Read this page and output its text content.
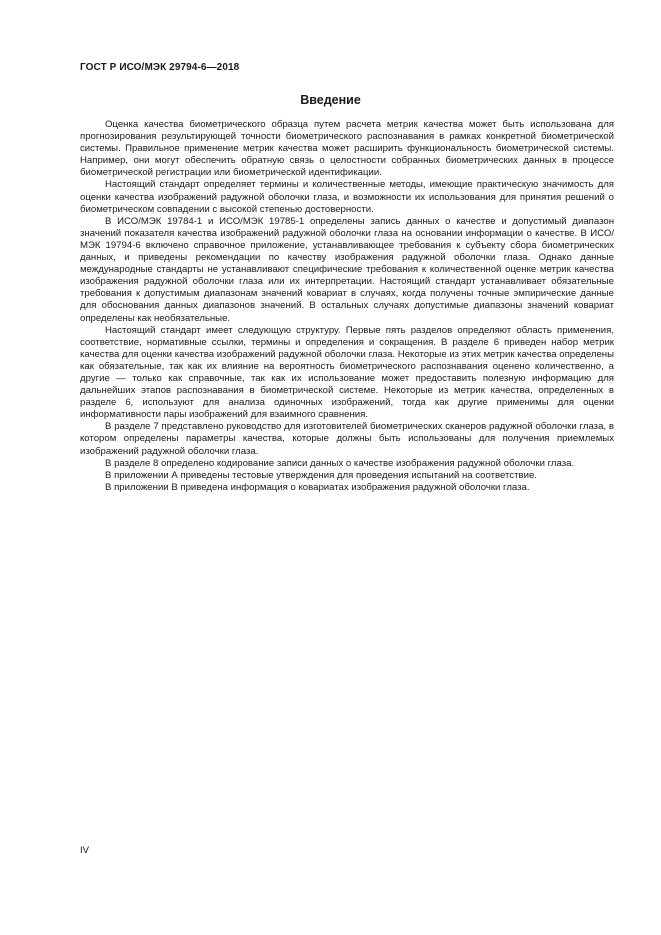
ГОСТ Р ИСО/МЭК 29794-6—2018
Введение

Оценка качества биометрического образца путем расчета метрик качества может быть использована для прогнозирования результирующей точности биометрического распознавания в рамках конкретной биометрической системы. Правильное применение метрик качества может расширить функциональность биометрической системы. Например, они могут обеспечить обратную связь о целостности собранных биометрических данных в процессе биометрической регистрации или биометрической идентификации.

Настоящий стандарт определяет термины и количественные методы, имеющие практическую значимость для оценки качества изображений радужной оболочки глаза, и возможности их использования для принятия решений о биометрическом совпадении с высокой степенью достоверности.

В ИСО/МЭК 19784-1 и ИСО/МЭК 19785-1 определены запись данных о качестве и допустимый диапазон значений показателя качества изображений радужной оболочки глаза на основании информации о качестве. В ИСО/МЭК 19794-6 включено справочное приложение, устанавливающее требования к субъекту сбора биометрических данных, и приведены рекомендации по качеству изображения радужной оболочки глаза. Однако данные международные стандарты не устанавливают специфические требования к количественной оценке метрик качества изображения радужной оболочки глаза или их интерпретации. Настоящий стандарт устанавливает обязательные требования к допустимым диапазонам значений ковариат в случаях, когда получены точные эмпирические данные для обоснования данных диапазонов значений. В остальных случаях допустимые диапазоны значений ковариат определены как необязательные.

Настоящий стандарт имеет следующую структуру. Первые пять разделов определяют область применения, соответствие, нормативные ссылки, термины и определения и сокращения. В разделе 6 приведен набор метрик качества для оценки качества изображений радужной оболочки глаза. Некоторые из этих метрик качества определены как обязательные, так как их влияние на вероятность биометрического распознавания оценено количественно, а другие — только как справочные, так как их использование может предоставить полезную информацию для дальнейших этапов распознавания в биометрической системе. Некоторые из метрик качества, определенных в разделе 6, используют для анализа одиночных изображений, тогда как другие применимы для оценки информативности пары изображений для взаимного сравнения.

В разделе 7 представлено руководство для изготовителей биометрических сканеров радужной оболочки глаза, в котором определены параметры качества, которые должны быть использованы для получения приемлемых изображений радужной оболочки глаза.

В разделе 8 определено кодирование записи данных о качестве изображения радужной оболочки глаза.

В приложении А приведены тестовые утверждения для проведения испытаний на соответствие.

В приложении В приведена информация о ковариатах изображения радужной оболочки глаза.

IV
